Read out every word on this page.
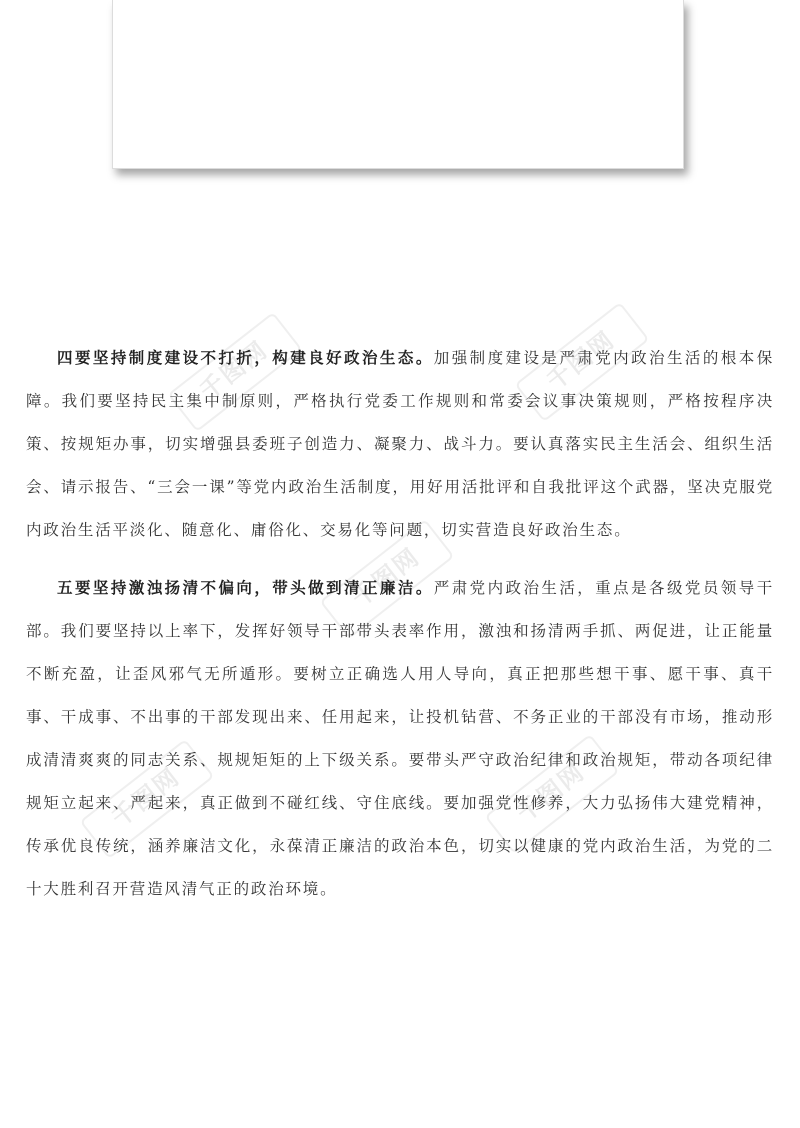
千图网	千图网
千图网
千图网	千图网

四要坚持制度建设不打折，构建良好政治生态。加强制度建设是严肃党内政治生活的根本保障。我们要坚持民主集中制原则，严格执行党委工作规则和常委会议事决策规则，严格按程序决策、按规矩办事，切实增强县委班子创造力、凝聚力、战斗力。要认真落实民主生活会、组织生活会、请示报告、“三会一课”等党内政治生活制度，用好用活批评和自我批评这个武器，坚决克服党内政治生活平淡化、随意化、庸俗化、交易化等问题，切实营造良好政治生态。

五要坚持激浊扬清不偏向，带头做到清正廉洁。严肃党内政治生活，重点是各级党员领导干部。我们要坚持以上率下，发挥好领导干部带头表率作用，激浊和扬清两手抓、两促进，让正能量不断充盈，让歪风邪气无所遁形。要树立正确选人用人导向，真正把那些想干事、愿干事、真干事、干成事、不出事的干部发现出来、任用起来，让投机钻营、不务正业的干部没有市场，推动形成清清爽爽的同志关系、规规矩矩的上下级关系。要带头严守政治纪律和政治规矩，带动各项纪律规矩立起来、严起来，真正做到不碰红线、守住底线。要加强党性修养，大力弘扬伟大建党精神，传承优良传统，涵养廉洁文化，永葆清正廉洁的政治本色，切实以健康的党内政治生活，为党的二十大胜利召开营造风清气正的政治环境。
